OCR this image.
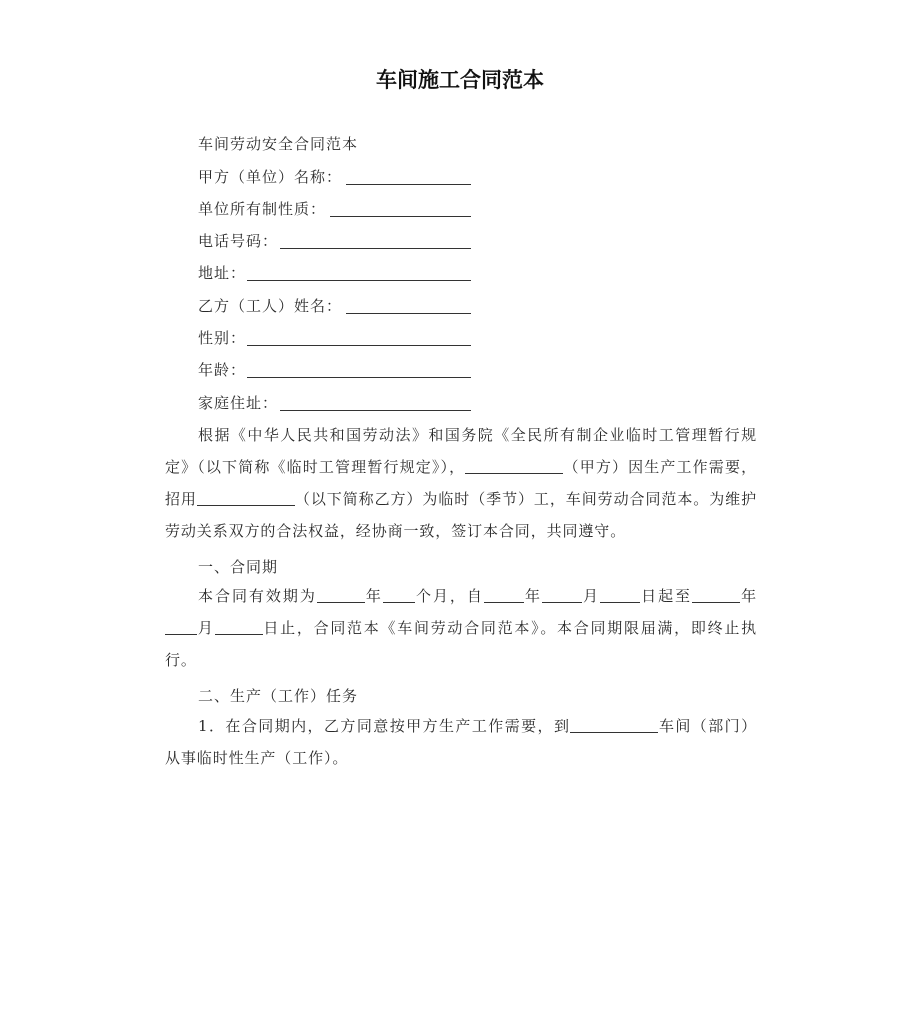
车间施工合同范本
车间劳动安全合同范本
甲方（单位）名称：
单位所有制性质：
电话号码：
地址：
乙方（工人）姓名：
性别：
年龄：
家庭住址：
根据《中华人民共和国劳动法》和国务院《全民所有制企业临时工管理暂行规定》（以下简称《临时工管理暂行规定》），	（甲方）因生产工作需要，招用	（以下简称乙方）为临时（季节）工，车间劳动合同范本。为维护劳动关系双方的合法权益，经协商一致，签订本合同，共同遵守。
一、合同期
本合同有效期为	年 个月，自	年	月	日起至	年月	日止，合同范本《车间劳动合同范本》。本合同期限届满，即终止执行。
二、生产（工作）任务
1．在合同期内，乙方同意按甲方生产工作需要，到	车间（部门）从事临时性生产（工作）。
